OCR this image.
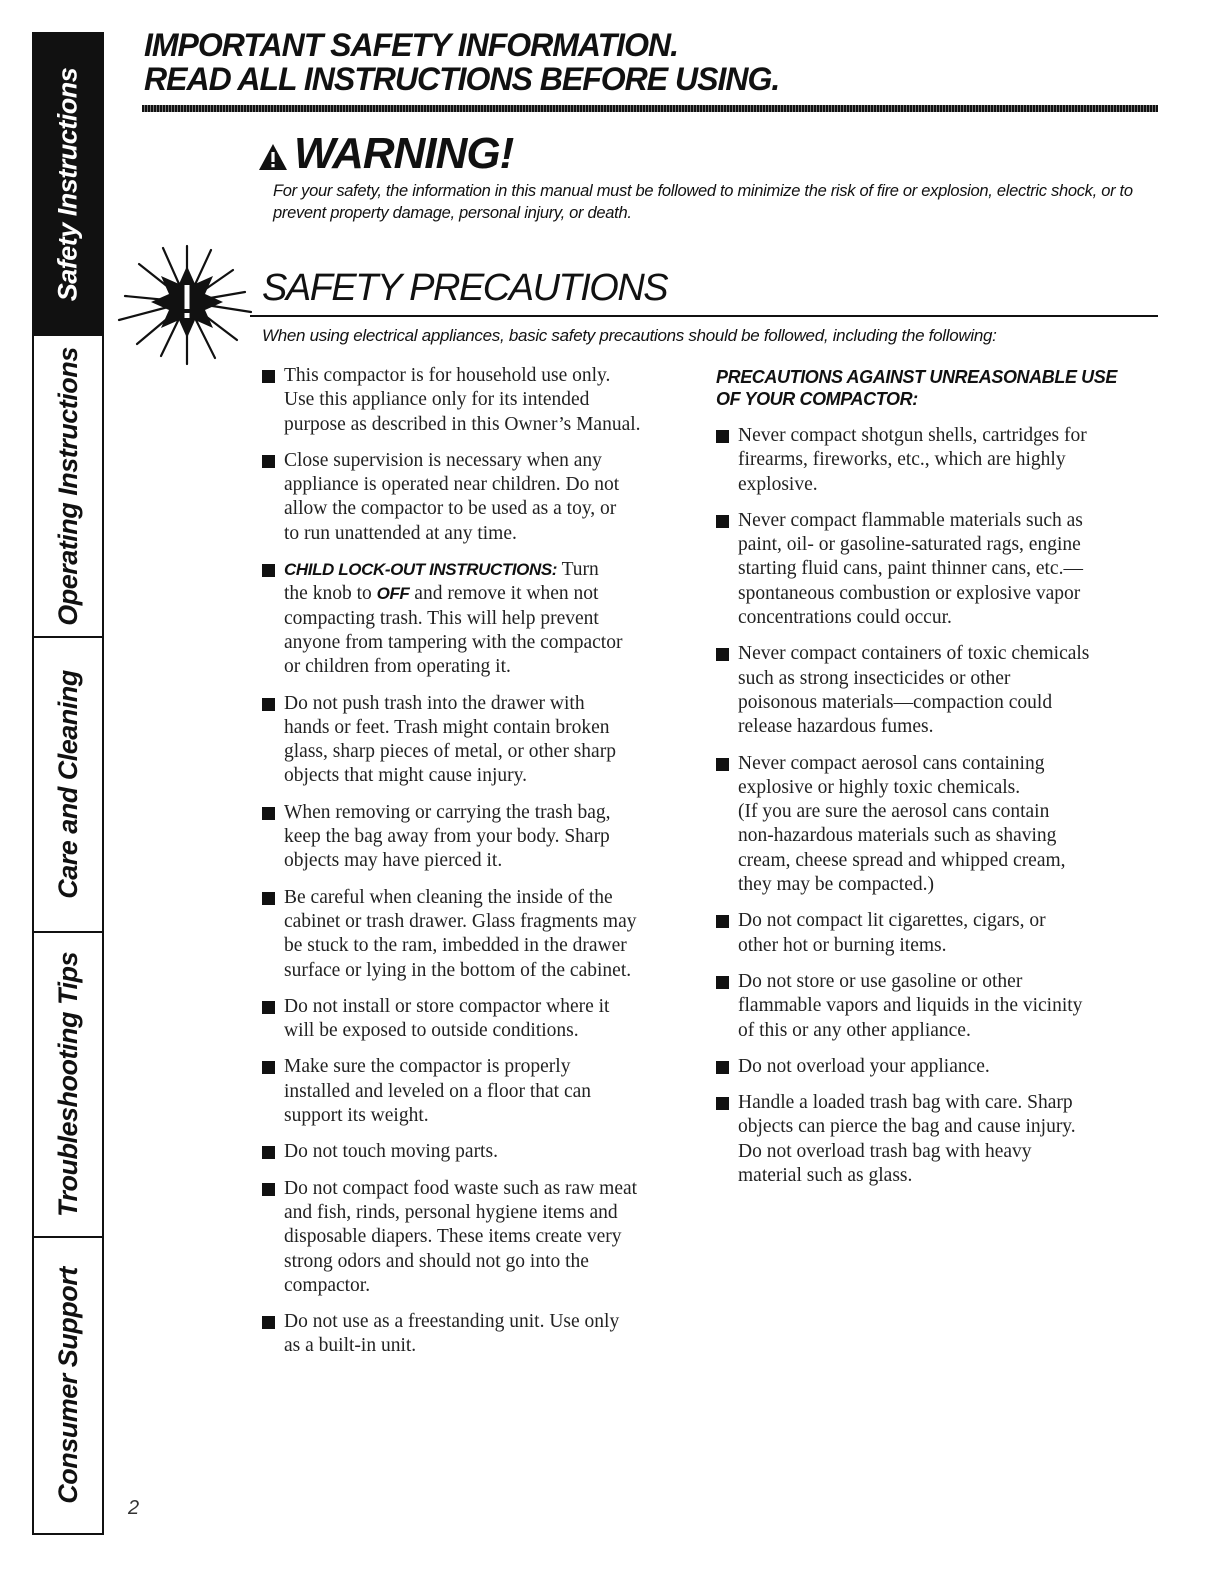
Safety Instructions
Operating Instructions
Care and Cleaning
Troubleshooting Tips
Consumer Support
IMPORTANT SAFETY INFORMATION.
READ ALL INSTRUCTIONS BEFORE USING.
WARNING!
For your safety, the information in this manual must be followed to minimize the risk of fire or explosion, electric shock, or to prevent property damage, personal injury, or death.
SAFETY PRECAUTIONS
When using electrical appliances, basic safety precautions should be followed, including the following:
This compactor is for household use only.
Use this appliance only for its intended
purpose as described in this Owner’s Manual.
Close supervision is necessary when any
appliance is operated near children. Do not
allow the compactor to be used as a toy, or
to run unattended at any time.
CHILD LOCK-OUT INSTRUCTIONS: Turn
the knob to OFF and remove it when not
compacting trash. This will help prevent
anyone from tampering with the compactor
or children from operating it.
Do not push trash into the drawer with
hands or feet. Trash might contain broken
glass, sharp pieces of metal, or other sharp
objects that might cause injury.
When removing or carrying the trash bag,
keep the bag away from your body. Sharp
objects may have pierced it.
Be careful when cleaning the inside of the
cabinet or trash drawer. Glass fragments may
be stuck to the ram, imbedded in the drawer
surface or lying in the bottom of the cabinet.
Do not install or store compactor where it
will be exposed to outside conditions.
Make sure the compactor is properly
installed and leveled on a floor that can
support its weight.
Do not touch moving parts.
Do not compact food waste such as raw meat
and fish, rinds, personal hygiene items and
disposable diapers. These items create very
strong odors and should not go into the
compactor.
Do not use as a freestanding unit. Use only
as a built-in unit.
PRECAUTIONS AGAINST UNREASONABLE USE
OF YOUR COMPACTOR:
Never compact shotgun shells, cartridges for
firearms, fireworks, etc., which are highly
explosive.
Never compact flammable materials such as
paint, oil- or gasoline-saturated rags, engine
starting fluid cans, paint thinner cans, etc.—
spontaneous combustion or explosive vapor
concentrations could occur.
Never compact containers of toxic chemicals
such as strong insecticides or other
poisonous materials—compaction could
release hazardous fumes.
Never compact aerosol cans containing
explosive or highly toxic chemicals.
(If you are sure the aerosol cans contain
non-hazardous materials such as shaving
cream, cheese spread and whipped cream,
they may be compacted.)
Do not compact lit cigarettes, cigars, or
other hot or burning items.
Do not store or use gasoline or other
flammable vapors and liquids in the vicinity
of this or any other appliance.
Do not overload your appliance.
Handle a loaded trash bag with care. Sharp
objects can pierce the bag and cause injury.
Do not overload trash bag with heavy
material such as glass.
2
